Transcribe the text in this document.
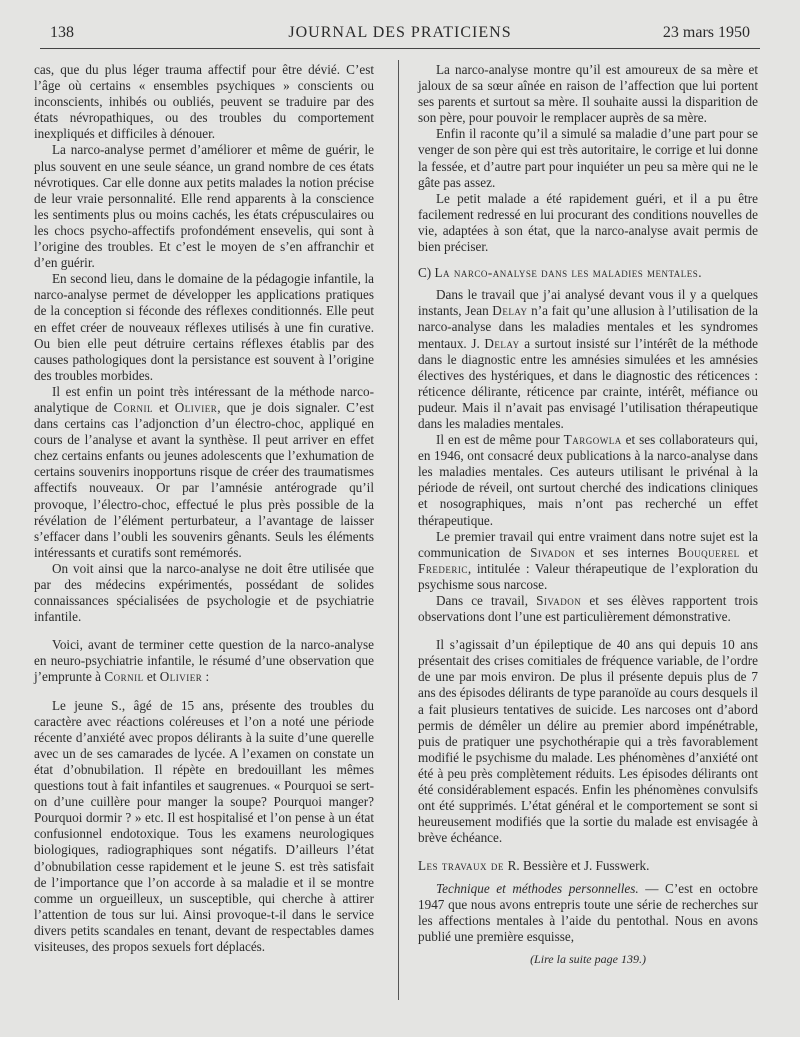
138	JOURNAL DES PRATICIENS	23 mars 1950

cas, que du plus léger trauma affectif pour être dévié. C’est l’âge où certains « ensembles psychiques » conscients ou inconscients, inhibés ou oubliés, peuvent se traduire par des états névropathiques, ou des troubles du comportement inexpliqués et difficiles à dénouer.

La narco-analyse permet d’améliorer et même de guérir, le plus souvent en une seule séance, un grand nombre de ces états névrotiques. Car elle donne aux petits malades la notion précise de leur vraie personnalité. Elle rend apparents à la conscience les sentiments plus ou moins cachés, les états crépusculaires ou les chocs psycho-affectifs profondément ensevelis, qui sont à l’origine des troubles. Et c’est le moyen de s’en affranchir et d’en guérir.

En second lieu, dans le domaine de la pédagogie infantile, la narco-analyse permet de développer les applications pratiques de la conception si féconde des réflexes conditionnés. Elle peut en effet créer de nouveaux réflexes utilisés à une fin curative. Ou bien elle peut détruire certains réflexes établis par des causes pathologiques dont la persistance est souvent à l’origine des troubles morbides.

Il est enfin un point très intéressant de la méthode narco-analytique de Cornil et Olivier, que je dois signaler. C’est dans certains cas l’adjonction d’un électro-choc, appliqué en cours de l’analyse et avant la synthèse. Il peut arriver en effet chez certains enfants ou jeunes adolescents que l’exhumation de certains souvenirs inopportuns risque de créer des traumatismes affectifs nouveaux. Or par l’amnésie antérograde qu’il provoque, l’électro-choc, effectué le plus près possible de la révélation de l’élément perturbateur, a l’avantage de laisser s’effacer dans l’oubli les souvenirs gênants. Seuls les éléments intéressants et curatifs sont remémorés.

On voit ainsi que la narco-analyse ne doit être utilisée que par des médecins expérimentés, possédant de solides connaissances spécialisées de psychologie et de psychiatrie infantile.

Voici, avant de terminer cette question de la narco-analyse en neuro-psychiatrie infantile, le résumé d’une observation que j’emprunte à Cornil et Olivier :

Le jeune S., âgé de 15 ans, présente des troubles du caractère avec réactions coléreuses et l’on a noté une période récente d’anxiété avec propos délirants à la suite d’une querelle avec un de ses camarades de lycée. A l’examen on constate un état d’obnubilation. Il répète en bredouillant les mêmes questions tout à fait infantiles et saugrenues. « Pourquoi se sert-on d’une cuillère pour manger la soupe? Pourquoi manger? Pourquoi dormir ? » etc. Il est hospitalisé et l’on pense à un état confusionnel endotoxique. Tous les examens neurologiques biologiques, radiographiques sont négatifs. D’ailleurs l’état d’obnubilation cesse rapidement et le jeune S. est très satisfait de l’importance que l’on accorde à sa maladie et il se montre comme un orgueilleux, un susceptible, qui cherche à attirer l’attention de tous sur lui. Ainsi provoque-t-il dans le service divers petits scandales en tenant, devant de respectables dames visiteuses, des propos sexuels fort déplacés.

La narco-analyse montre qu’il est amoureux de sa mère et jaloux de sa sœur aînée en raison de l’affection que lui portent ses parents et surtout sa mère. Il souhaite aussi la disparition de son père, pour pouvoir le remplacer auprès de sa mère.

Enfin il raconte qu’il a simulé sa maladie d’une part pour se venger de son père qui est très autoritaire, le corrige et lui donne la fessée, et d’autre part pour inquiéter un peu sa mère qui ne le gâte pas assez.

Le petit malade a été rapidement guéri, et il a pu être facilement redressé en lui procurant des conditions nouvelles de vie, adaptées à son état, que la narco-analyse avait permis de bien préciser.

C) La narco-analyse dans les maladies mentales.

Dans le travail que j’ai analysé devant vous il y a quelques instants, Jean Delay n’a fait qu’une allusion à l’utilisation de la narco-analyse dans les maladies mentales et les syndromes mentaux. J. Delay a surtout insisté sur l’intérêt de la méthode dans le diagnostic entre les amnésies simulées et les amnésies électives des hystériques, et dans le diagnostic des réticences : réticence délirante, réticence par crainte, intérêt, méfiance ou pudeur. Mais il n’avait pas envisagé l’utilisation thérapeutique dans les maladies mentales.

Il en est de même pour Targowla et ses collaborateurs qui, en 1946, ont consacré deux publications à la narco-analyse dans les maladies mentales. Ces auteurs utilisant le privénal à la période de réveil, ont surtout cherché des indications cliniques et nosographiques, mais n’ont pas recherché un effet thérapeutique.

Le premier travail qui entre vraiment dans notre sujet est la communication de Sivadon et ses internes Bouquerel et Frederic, intitulée : Valeur thérapeutique de l’exploration du psychisme sous narcose.

Dans ce travail, Sivadon et ses élèves rapportent trois observations dont l’une est particulièrement démonstrative.

Il s’agissait d’un épileptique de 40 ans qui depuis 10 ans présentait des crises comitiales de fréquence variable, de l’ordre de une par mois environ. De plus il présente depuis plus de 7 ans des épisodes délirants de type paranoïde au cours desquels il a fait plusieurs tentatives de suicide. Les narcoses ont d’abord permis de démêler un délire au premier abord impénétrable, puis de pratiquer une psychothérapie qui a très favorablement modifié le psychisme du malade. Les phénomènes d’anxiété ont été à peu près complètement réduits. Les épisodes délirants ont été considérablement espacés. Enfin les phénomènes convulsifs ont été supprimés. L’état général et le comportement se sont si heureusement modifiés que la sortie du malade est envisagée à brève échéance.

Les travaux de R. Bessière et J. Fusswerk.

Technique et méthodes personnelles. — C’est en octobre 1947 que nous avons entrepris toute une série de recherches sur les affections mentales à l’aide du pentothal. Nous en avons publié une première esquisse,

(Lire la suite page 139.)
